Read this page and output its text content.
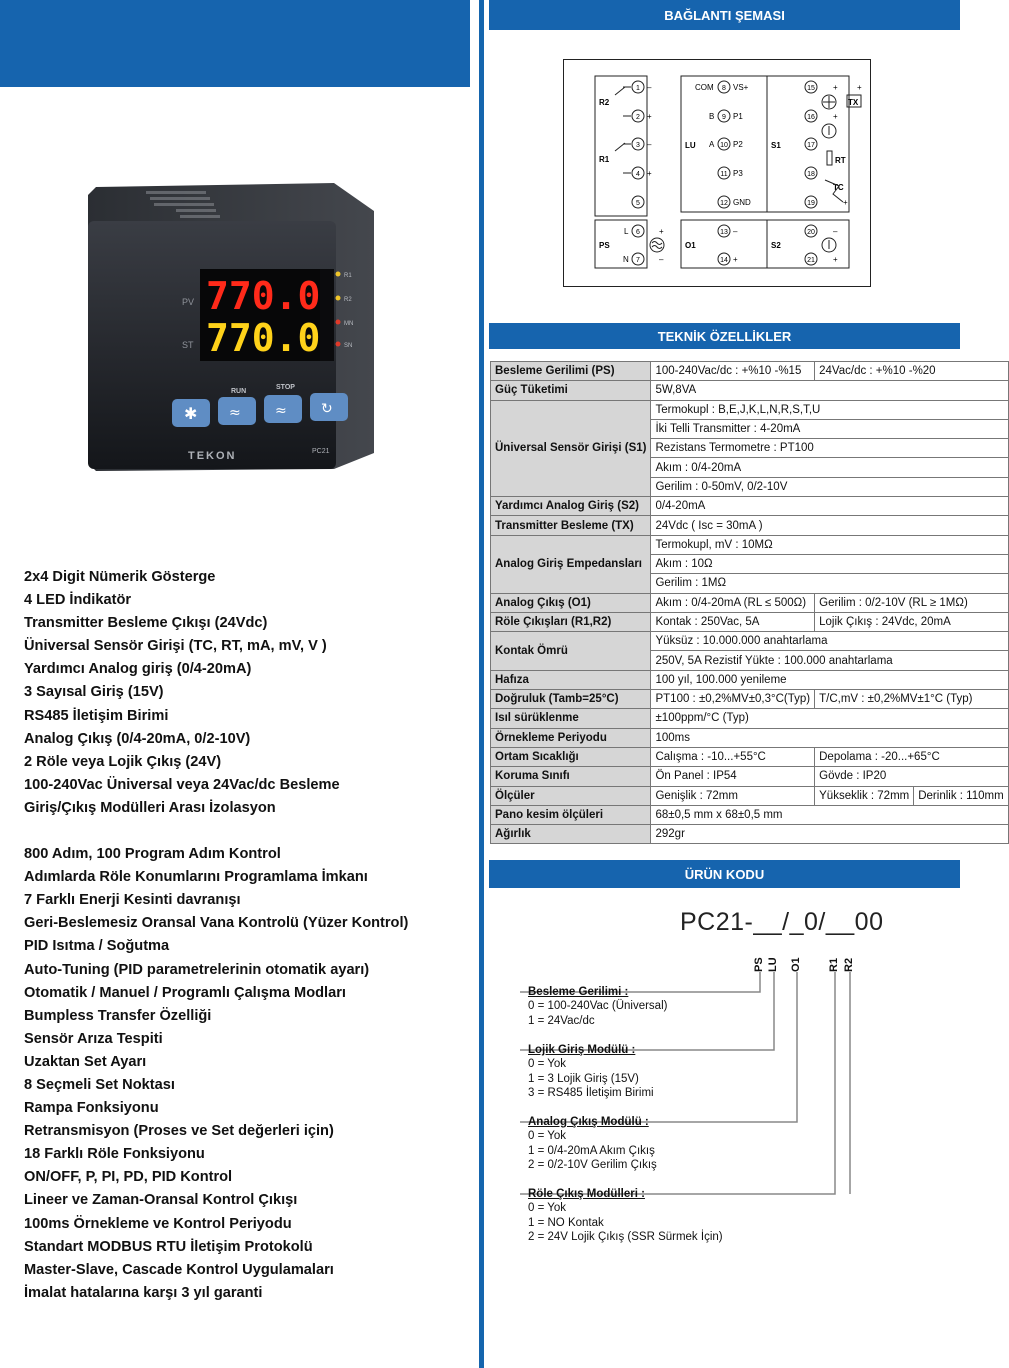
BAĞLANTI ŞEMASI
TEKNİK ÖZELLİKLER
ÜRÜN KODU
PV
ST
770.0
770.0
R1
R2
MN
SN
RUN
STOP
✱ ≈ ≈ ↻
TEKON	PC21
2x4 Digit Nümerik Gösterge
4 LED İndikatör
Transmitter Besleme Çıkışı (24Vdc)
Üniversal Sensör Girişi (TC, RT, mA, mV, V )
Yardımcı Analog giriş (0/4-20mA)
3 Sayısal Giriş (15V)
RS485 İletişim Birimi
Analog Çıkış (0/4-20mA, 0/2-10V)
2 Röle veya Lojik Çıkış (24V)
100-240Vac Üniversal veya 24Vac/dc Besleme
Giriş/Çıkış Modülleri Arası İzolasyon
800 Adım, 100 Program Adım Kontrol
Adımlarda Röle Konumlarını Programlama İmkanı
7 Farklı Enerji Kesinti davranışı
Geri-Beslemesiz Oransal Vana Kontrolü (Yüzer Kontrol)
PID Isıtma / Soğutma
Auto-Tuning (PID parametrelerinin otomatik ayarı)
Otomatik / Manuel / Programlı Çalışma Modları
Bumpless Transfer Özelliği
Sensör Arıza Tespiti
Uzaktan Set Ayarı
8 Seçmeli Set Noktası
Rampa Fonksiyonu
Retransmisyon (Proses ve Set değerleri için)
18 Farklı Röle Fonksiyonu
ON/OFF, P, PI, PD, PID Kontrol
Lineer ve Zaman-Oransal Kontrol Çıkışı
100ms Örnekleme ve Kontrol Periyodu
Standart MODBUS RTU İletişim Protokolü
Master-Slave, Cascade Kontrol Uygulamaları
İmalat hatalarına karşı 3 yıl garanti
1
2
3
4
5
6
7
8
9
10
11
12
13
14
15
16
17
18
19
20
21
R2
R1
PS
LU
O1
S1
S2
RT
TC
TX
COM VS+
B P1
A P2
P3
GND
L
N
–
+
–
+
–
+
+
–
+ +
+
+
–
+
Besleme Gerilimi (PS)	100-240Vac/dc : +%10 -%15	24Vac/dc : +%10 -%20	
Güç Tüketimi	5W,8VA		
Üniversal Sensör Girişi (S1)	Termokupl : B,E,J,K,L,N,R,S,T,U		
	İki Telli Transmitter : 4-20mA		
	Rezistans Termometre : PT100		
	Akım : 0/4-20mA		
	Gerilim : 0-50mV, 0/2-10V		
Yardımcı Analog Giriş (S2)	0/4-20mA		
Transmitter Besleme (TX)	24Vdc ( Isc = 30mA )		
Analog Giriş Empedansları	Termokupl, mV : 10MΩ		
	Akım : 10Ω		
	Gerilim : 1MΩ		
Analog Çıkış (O1)	Akım : 0/4-20mA (RL ≤ 500Ω)	Gerilim : 0/2-10V (RL ≥ 1MΩ)	
Röle Çıkışları (R1,R2)	Kontak : 250Vac, 5A	Lojik Çıkış : 24Vdc, 20mA	
Kontak Ömrü	Yüksüz : 10.000.000 anahtarlama		
	250V, 5A Rezistif Yükte : 100.000 anahtarlama		
Hafıza	100 yıl, 100.000 yenileme		
Doğruluk (Tamb=25°C)	PT100 : ±0,2%MV±0,3°C(Typ)	T/C,mV : ±0,2%MV±1°C (Typ)	
Isıl sürüklenme	±100ppm/°C (Typ)		
Örnekleme Periyodu	100ms		
Ortam Sıcaklığı	Calışma : -10...+55°C	Depolama : -20...+65°C	
Koruma Sınıfı	Ön Panel : IP54	Gövde : IP20	
Ölçüler	Genişlik : 72mm	Yükseklik : 72mm	Derinlik : 110mm
Pano kesim ölçüleri	68±0,5 mm x 68±0,5 mm		
Ağırlık	292gr		
PC21-__/_0/__00
PS LU O1 R1 R2
Besleme Gerilimi :
0 = 100-240Vac (Üniversal)
1 = 24Vac/dc
Lojik Giriş Modülü :
0 = Yok
1 = 3 Lojik Giriş (15V)
3 = RS485 İletişim Birimi
Analog Çıkış Modülü :
0 = Yok
1 = 0/4-20mA Akım Çıkış
2 = 0/2-10V Gerilim Çıkış
Röle Çıkış Modülleri :
0 = Yok
1 = NO Kontak
2 = 24V Lojik Çıkış (SSR Sürmek İçin)
